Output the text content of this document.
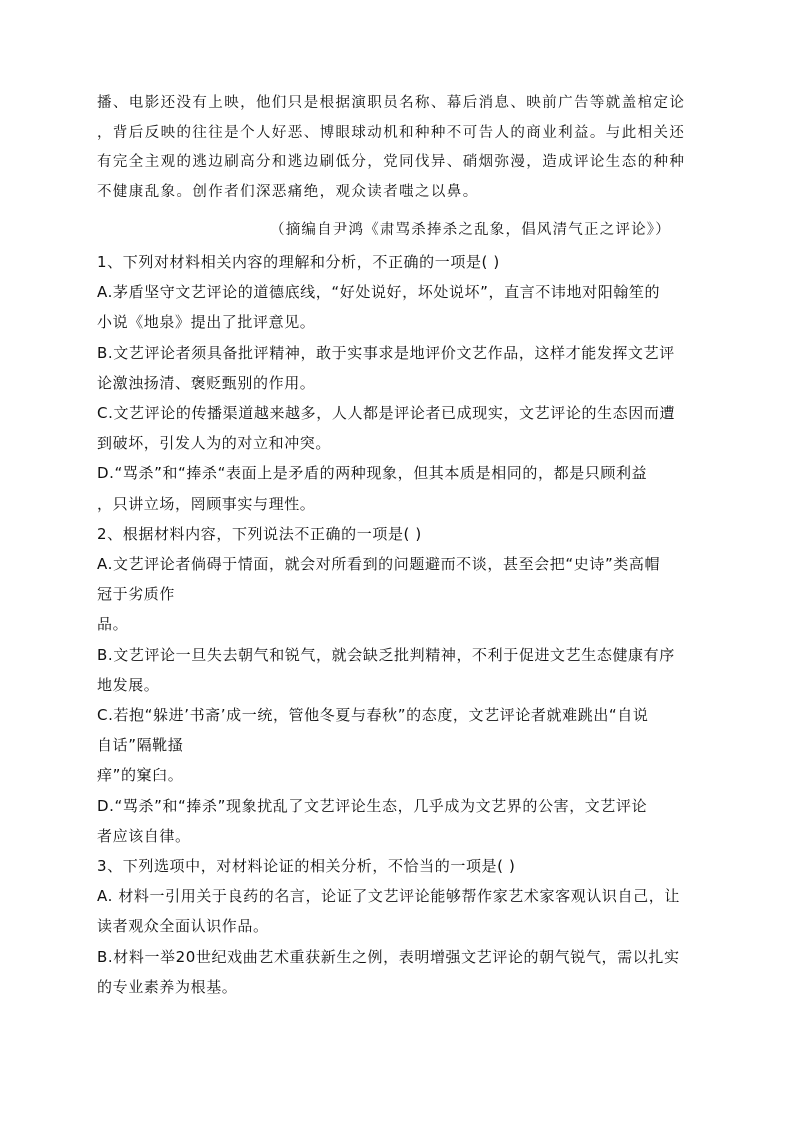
播、电影还没有上映，他们只是根据演职员名称、幕后消息、映前广告等就盖棺定论

，背后反映的往往是个人好恶、博眼球动机和种种不可告人的商业利益。与此相关还

有完全主观的逃边刷高分和逃边刷低分，党同伐异、硝烟弥漫，造成评论生态的种种

不健康乱象。创作者们深恶痛绝，观众读者嗤之以鼻。

（摘编自尹鸿《肃骂杀捧杀之乱象，倡风清气正之评论》）

1、下列对材料相关内容的理解和分析，不正确的一项是( )

A.茅盾坚守文艺评论的道德底线，“好处说好，坏处说坏”，直言不讳地对阳翰笙的

小说《地泉》提出了批评意见。

B.文艺评论者须具备批评精神，敢于实事求是地评价文艺作品，这样才能发挥文艺评

论激浊扬清、褒贬甄别的作用。

C.文艺评论的传播渠道越来越多，人人都是评论者已成现实，文艺评论的生态因而遭

到破坏，引发人为的对立和冲突。

D.“骂杀”和“捧杀“表面上是矛盾的两种现象，但其本质是相同的，都是只顾利益

，只讲立场，罔顾事实与理性。

2、根据材料内容，下列说法不正确的一项是( )

A.文艺评论者倘碍于情面，就会对所看到的问题避而不谈，甚至会把“史诗”类高帽

冠于劣质作

品。

B.文艺评论一旦失去朝气和锐气，就会缺乏批判精神，不利于促进文艺生态健康有序

地发展。

C.若抱“躲进’书斋’成一统，管他冬夏与春秋”的态度，文艺评论者就难跳出“自说

自话”隔靴搔

痒”的窠臼。

D.“骂杀”和“捧杀”现象扰乱了文艺评论生态，几乎成为文艺界的公害，文艺评论

者应该自律。

3、下列选项中，对材料论证的相关分析，不恰当的一项是( )

A. 材料一引用关于良药的名言，论证了文艺评论能够帮作家艺术家客观认识自己，让

读者观众全面认识作品。

B.材料一举20世纪戏曲艺术重获新生之例，表明增强文艺评论的朝气锐气，需以扎实

的专业素养为根基。
